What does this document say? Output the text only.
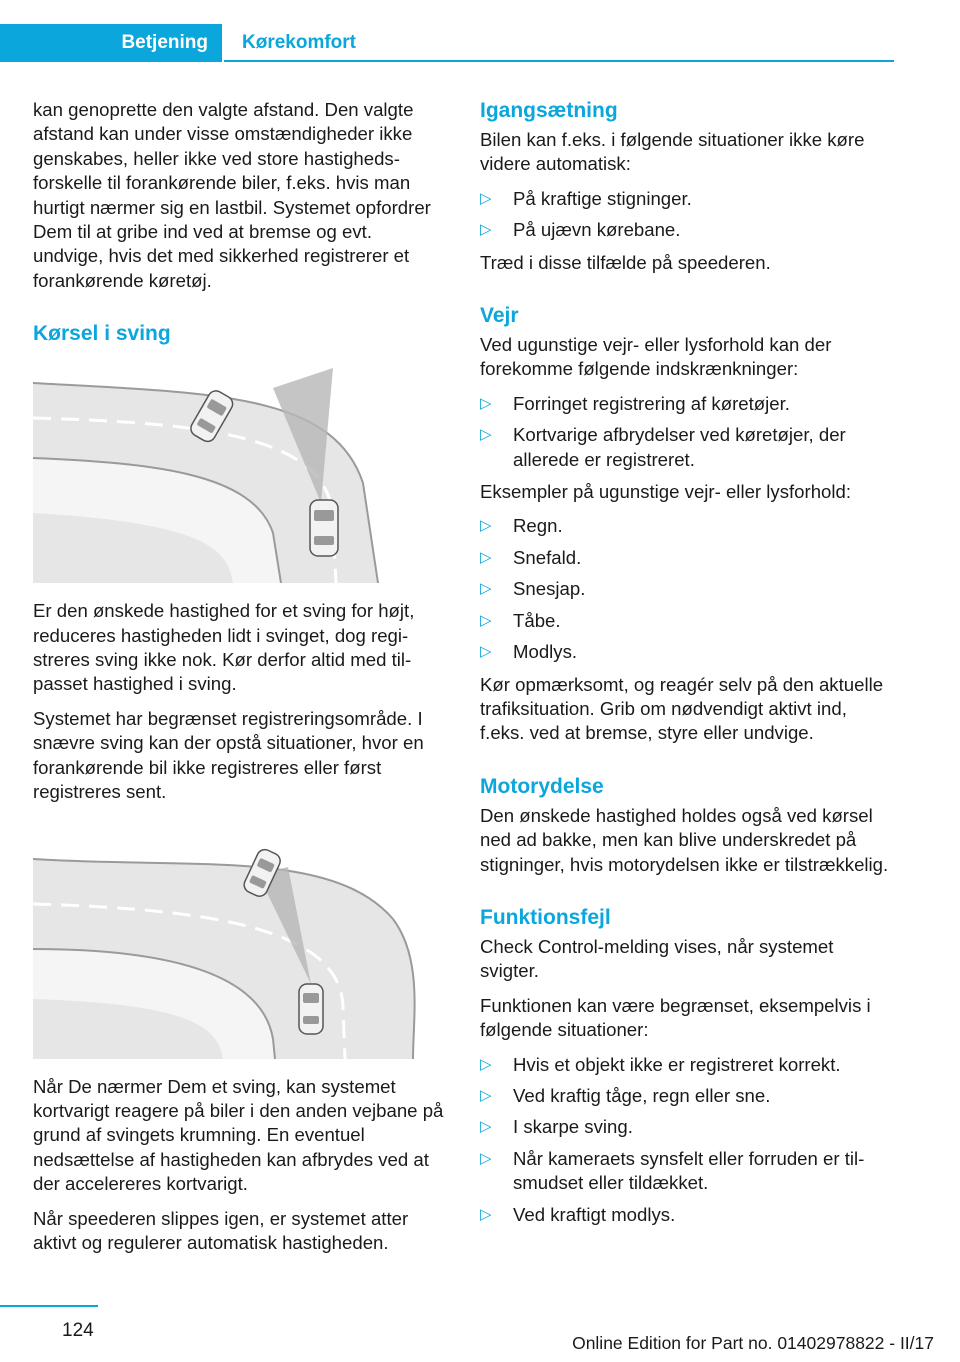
Betjening Kørekomfort

kan genoprette den valgte afstand. Den valgte afstand kan under visse omstændigheder ikke genskabes, heller ikke ved store hastighedsforskelle til forankørende biler, f.eks. hvis man hurtigt nærmer sig en lastbil. Systemet opfordrer Dem til at gribe ind ved at bremse og evt. undvige, hvis det med sikkerhed registrerer et forankørende køretøj.

Kørsel i sving

Er den ønskede hastighed for et sving for højt, reduceres hastigheden lidt i svinget, dog registreres sving ikke nok. Kør derfor altid med tilpasset hastighed i sving.

Systemet har begrænset registreringsområde. I snævre sving kan der opstå situationer, hvor en forankørende bil ikke registreres eller først registreres sent.

Når De nærmer Dem et sving, kan systemet kortvarigt reagere på biler i den anden vejbane på grund af svingets krumning. En eventuel nedsættelse af hastigheden kan afbrydes ved at der accelereres kortvarigt.

Når speederen slippes igen, er systemet atter aktivt og regulerer automatisk hastigheden.

Igangsætning

Bilen kan f.eks. i følgende situationer ikke køre videre automatisk:

▷ På kraftige stigninger.
▷ På ujævn kørebane.

Træd i disse tilfælde på speederen.

Vejr

Ved ugunstige vejr- eller lysforhold kan der forekomme følgende indskrænkninger:

▷ Forringet registrering af køretøjer.
▷ Kortvarige afbrydelser ved køretøjer, der allerede er registreret.

Eksempler på ugunstige vejr- eller lysforhold:

▷ Regn.
▷ Snefald.
▷ Snesjap.
▷ Tåbe.
▷ Modlys.

Kør opmærksomt, og reagér selv på den aktuelle trafiksituation. Grib om nødvendigt aktivt ind, f.eks. ved at bremse, styre eller undvige.

Motorydelse

Den ønskede hastighed holdes også ved kørsel ned ad bakke, men kan blive underskredet på stigninger, hvis motorydelsen ikke er tilstrækkelig.

Funktionsfejl

Check Control-melding vises, når systemet svigter.

Funktionen kan være begrænset, eksempelvis i følgende situationer:

▷ Hvis et objekt ikke er registreret korrekt.
▷ Ved kraftig tåge, regn eller sne.
▷ I skarpe sving.
▷ Når kameraets synsfelt eller forruden er tilsmudset eller tildækket.
▷ Ved kraftigt modlys.
124
Online Edition for Part no. 01402978822 - II/17
